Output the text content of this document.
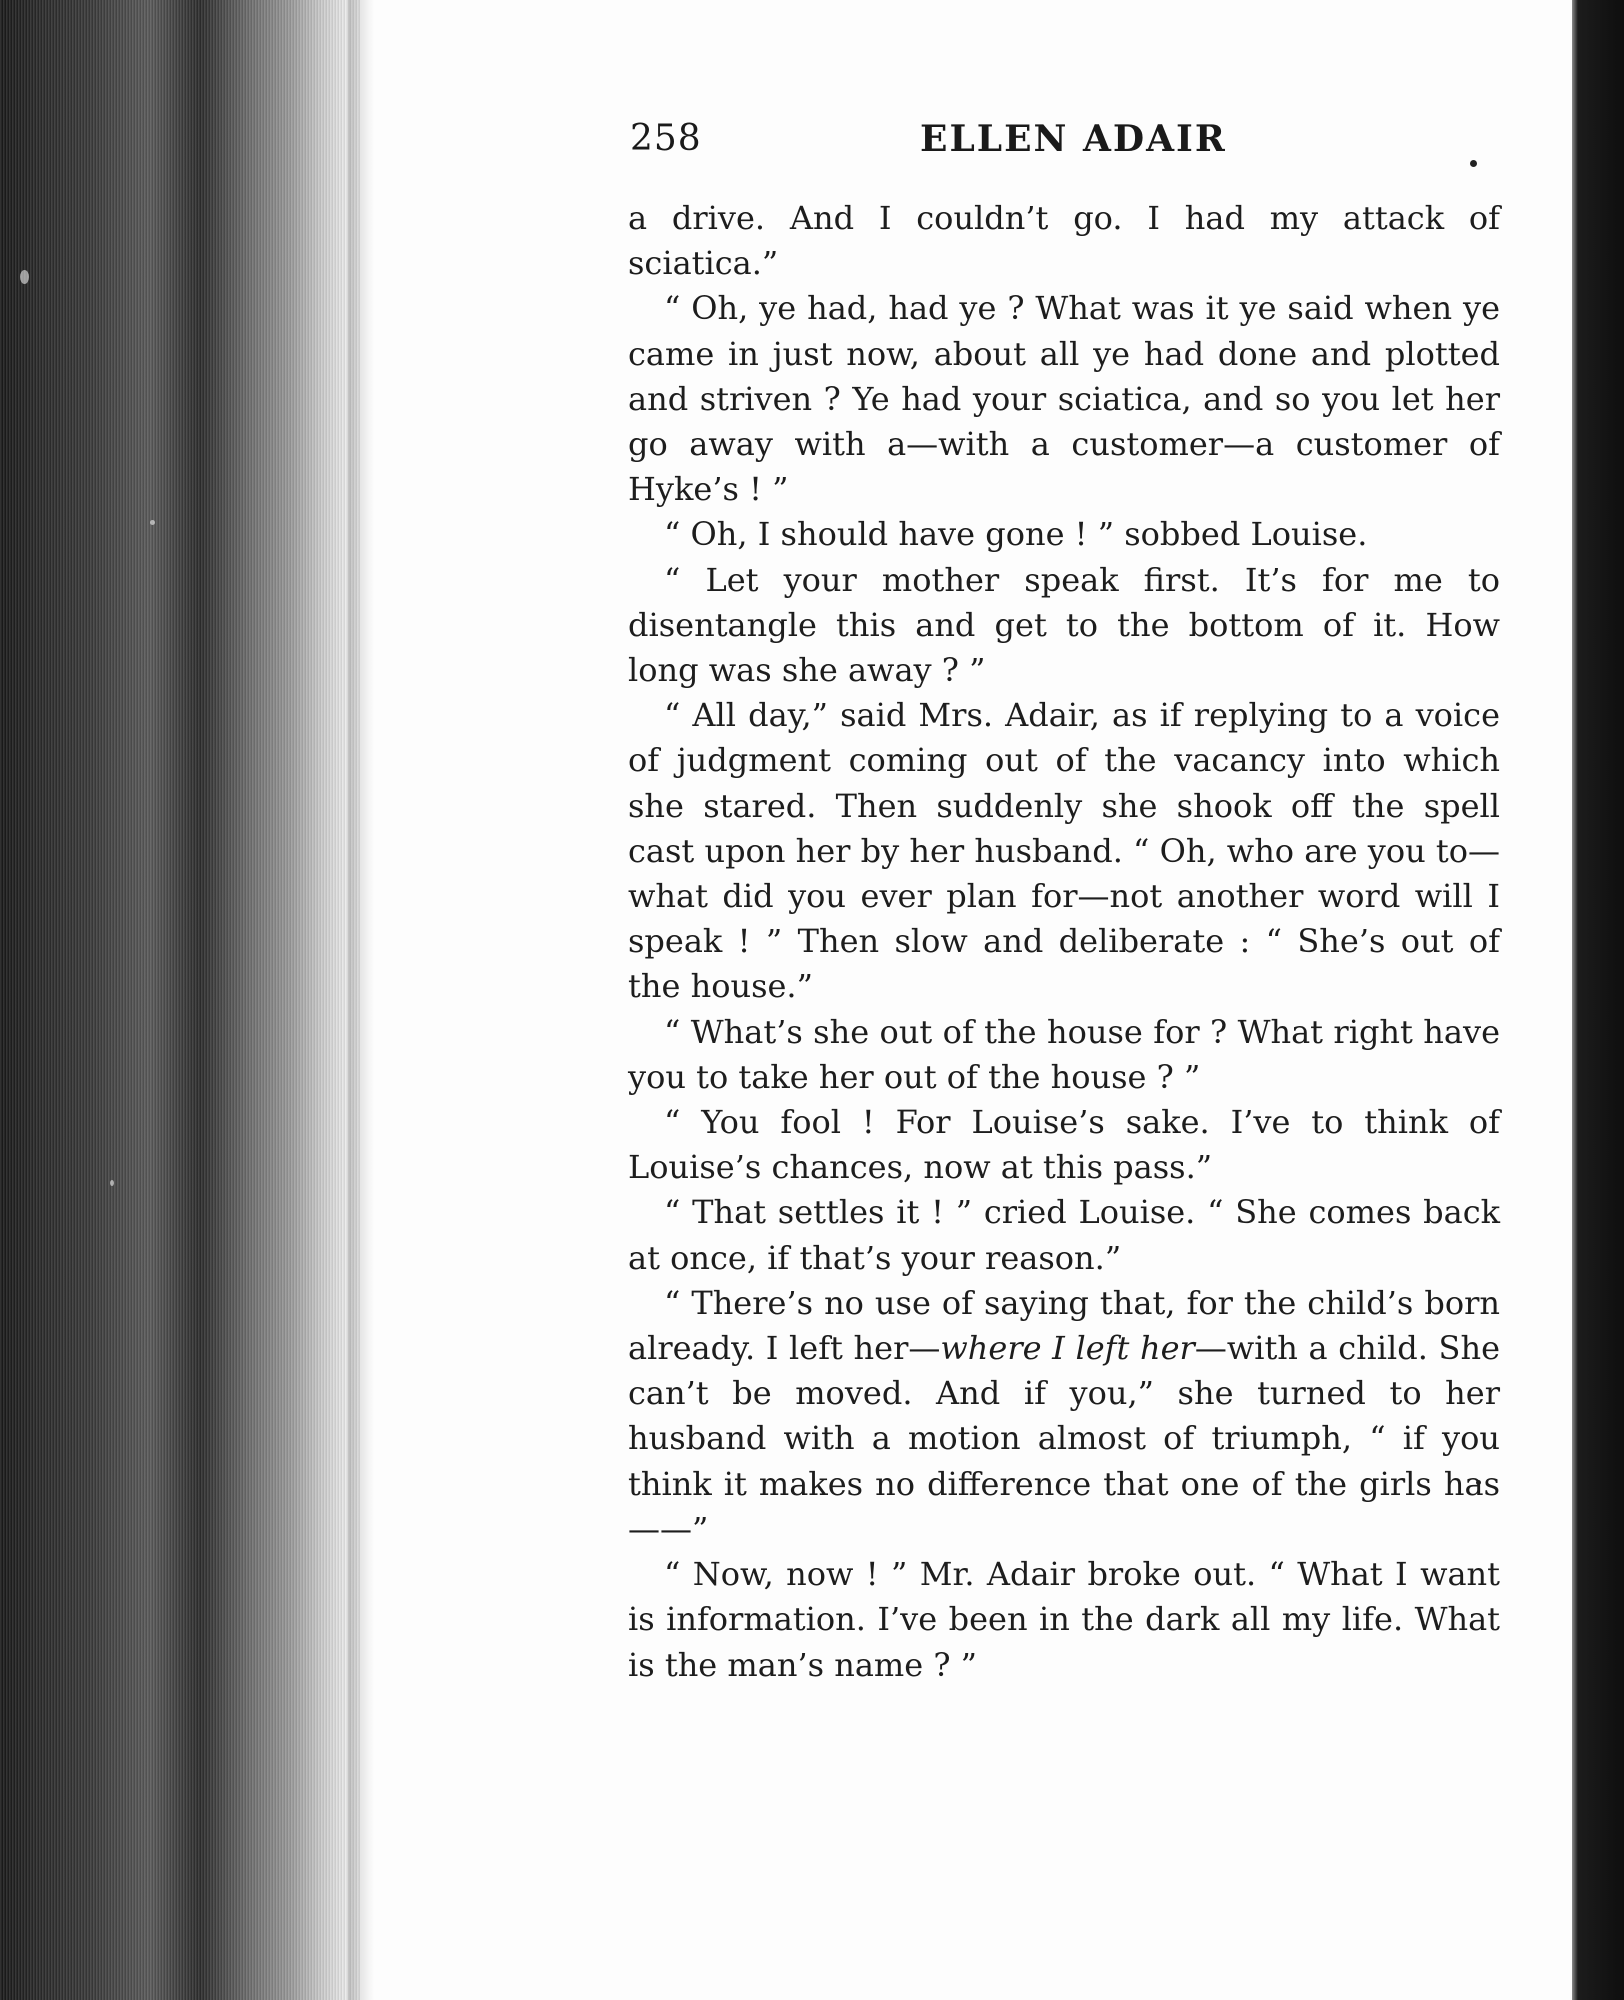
258	ELLEN ADAIR

a drive. And I couldn’t go. I had my attack of sciatica.”

“ Oh, ye had, had ye ? What was it ye said when ye came in just now, about all ye had done and plotted and striven ? Ye had your sciatica, and so you let her go away with a—with a customer—a customer of Hyke’s ! ”

“ Oh, I should have gone ! ” sobbed Louise.

“ Let your mother speak first. It’s for me to disentangle this and get to the bottom of it. How long was she away ? ”

“ All day,” said Mrs. Adair, as if replying to a voice of judgment coming out of the vacancy into which she stared. Then suddenly she shook off the spell cast upon her by her husband. “ Oh, who are you to—what did you ever plan for—not another word will I speak ! ” Then slow and deliberate : “ She’s out of the house.”

“ What’s she out of the house for ? What right have you to take her out of the house ? ”

“ You fool ! For Louise’s sake. I’ve to think of Louise’s chances, now at this pass.”

“ That settles it ! ” cried Louise. “ She comes back at once, if that’s your reason.”

“ There’s no use of saying that, for the child’s born already. I left her—where I left her—with a child. She can’t be moved. And if you,” she turned to her husband with a motion almost of triumph, “ if you think it makes no difference that one of the girls has——”

“ Now, now ! ” Mr. Adair broke out. “ What I want is information. I’ve been in the dark all my life. What is the man’s name ? ”
